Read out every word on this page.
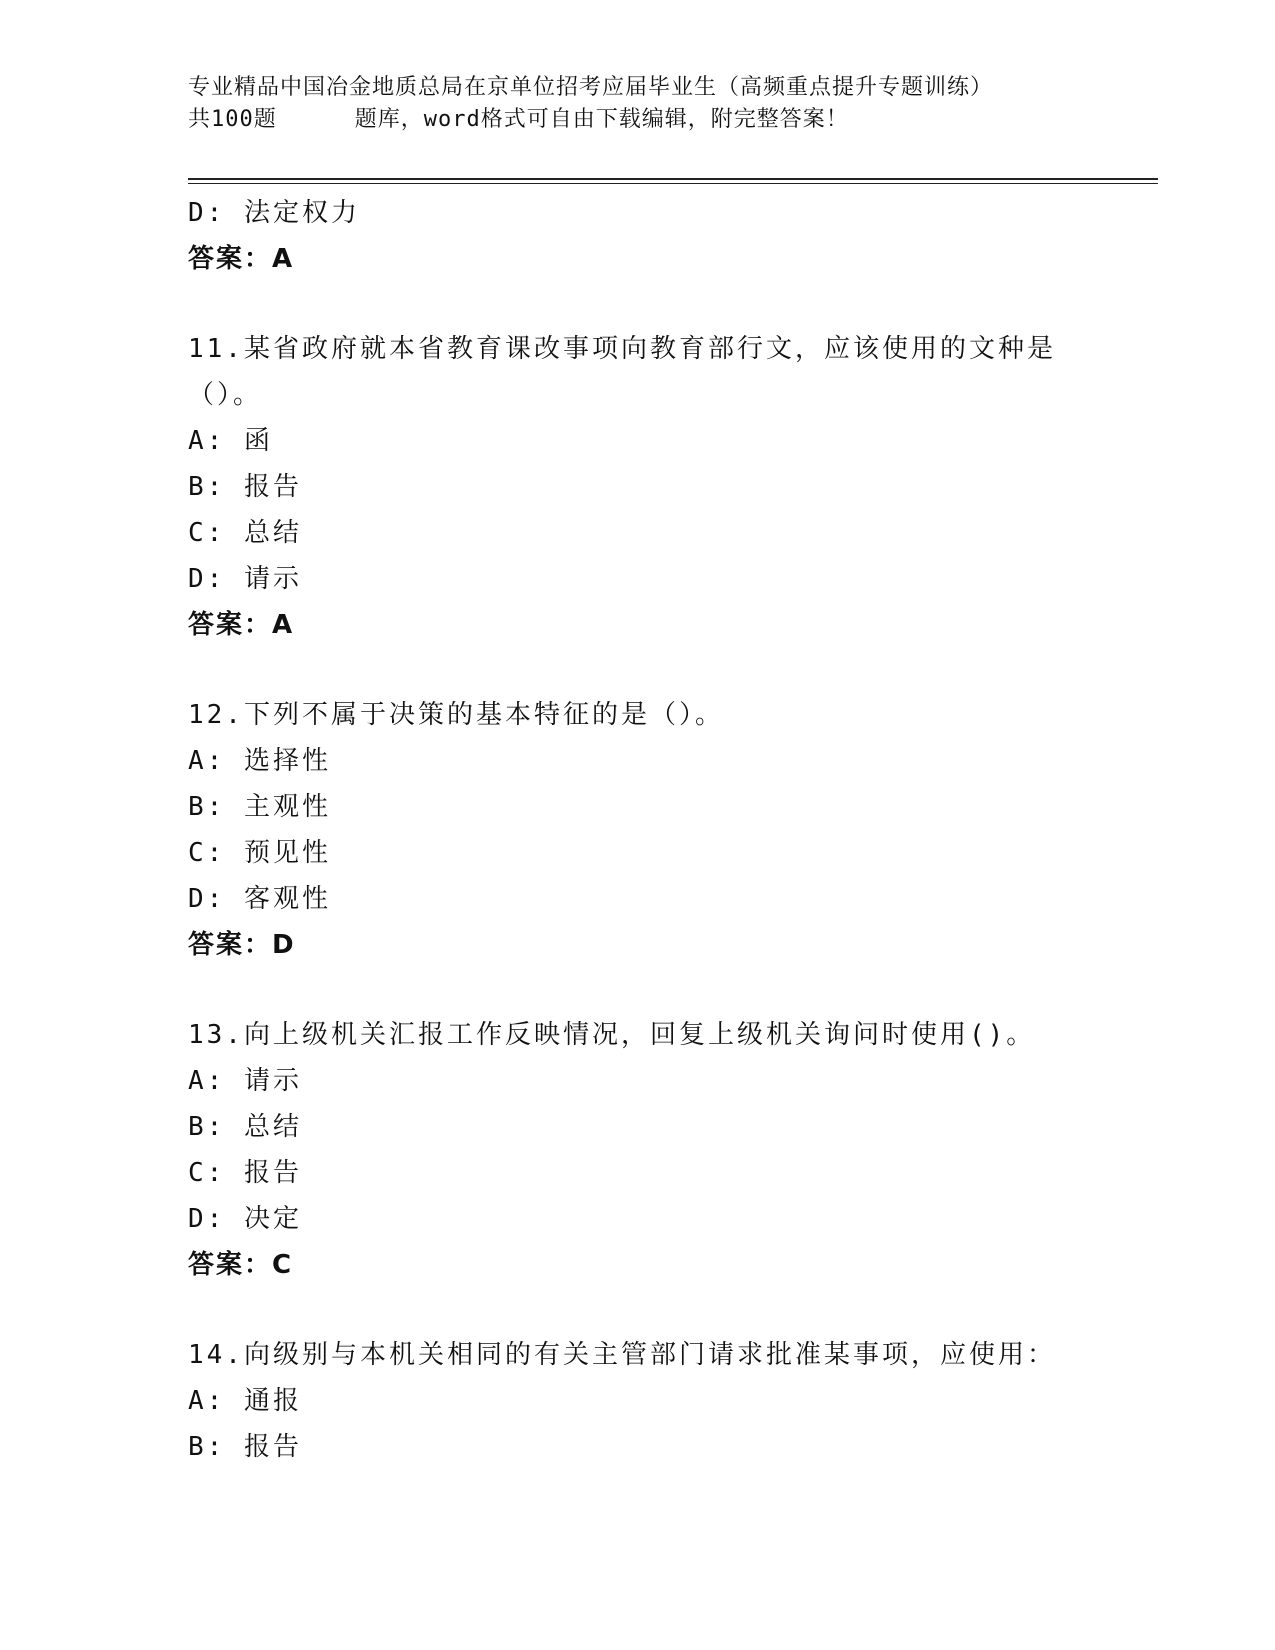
专业精品中国冶金地质总局在京单位招考应届毕业生（高频重点提升专题训练）
共100题	题库，word格式可自由下载编辑，附完整答案！
D: 法定权力
答案：A
11.某省政府就本省教育课改事项向教育部行文，应该使用的文种是（）。
A: 函
B: 报告
C: 总结
D: 请示
答案：A
12.下列不属于决策的基本特征的是（）。
A: 选择性
B: 主观性
C: 预见性
D: 客观性
答案：D
13.向上级机关汇报工作反映情况，回复上级机关询问时使用()。
A: 请示
B: 总结
C: 报告
D: 决定
答案：C
14.向级别与本机关相同的有关主管部门请求批准某事项，应使用：
A: 通报
B: 报告
